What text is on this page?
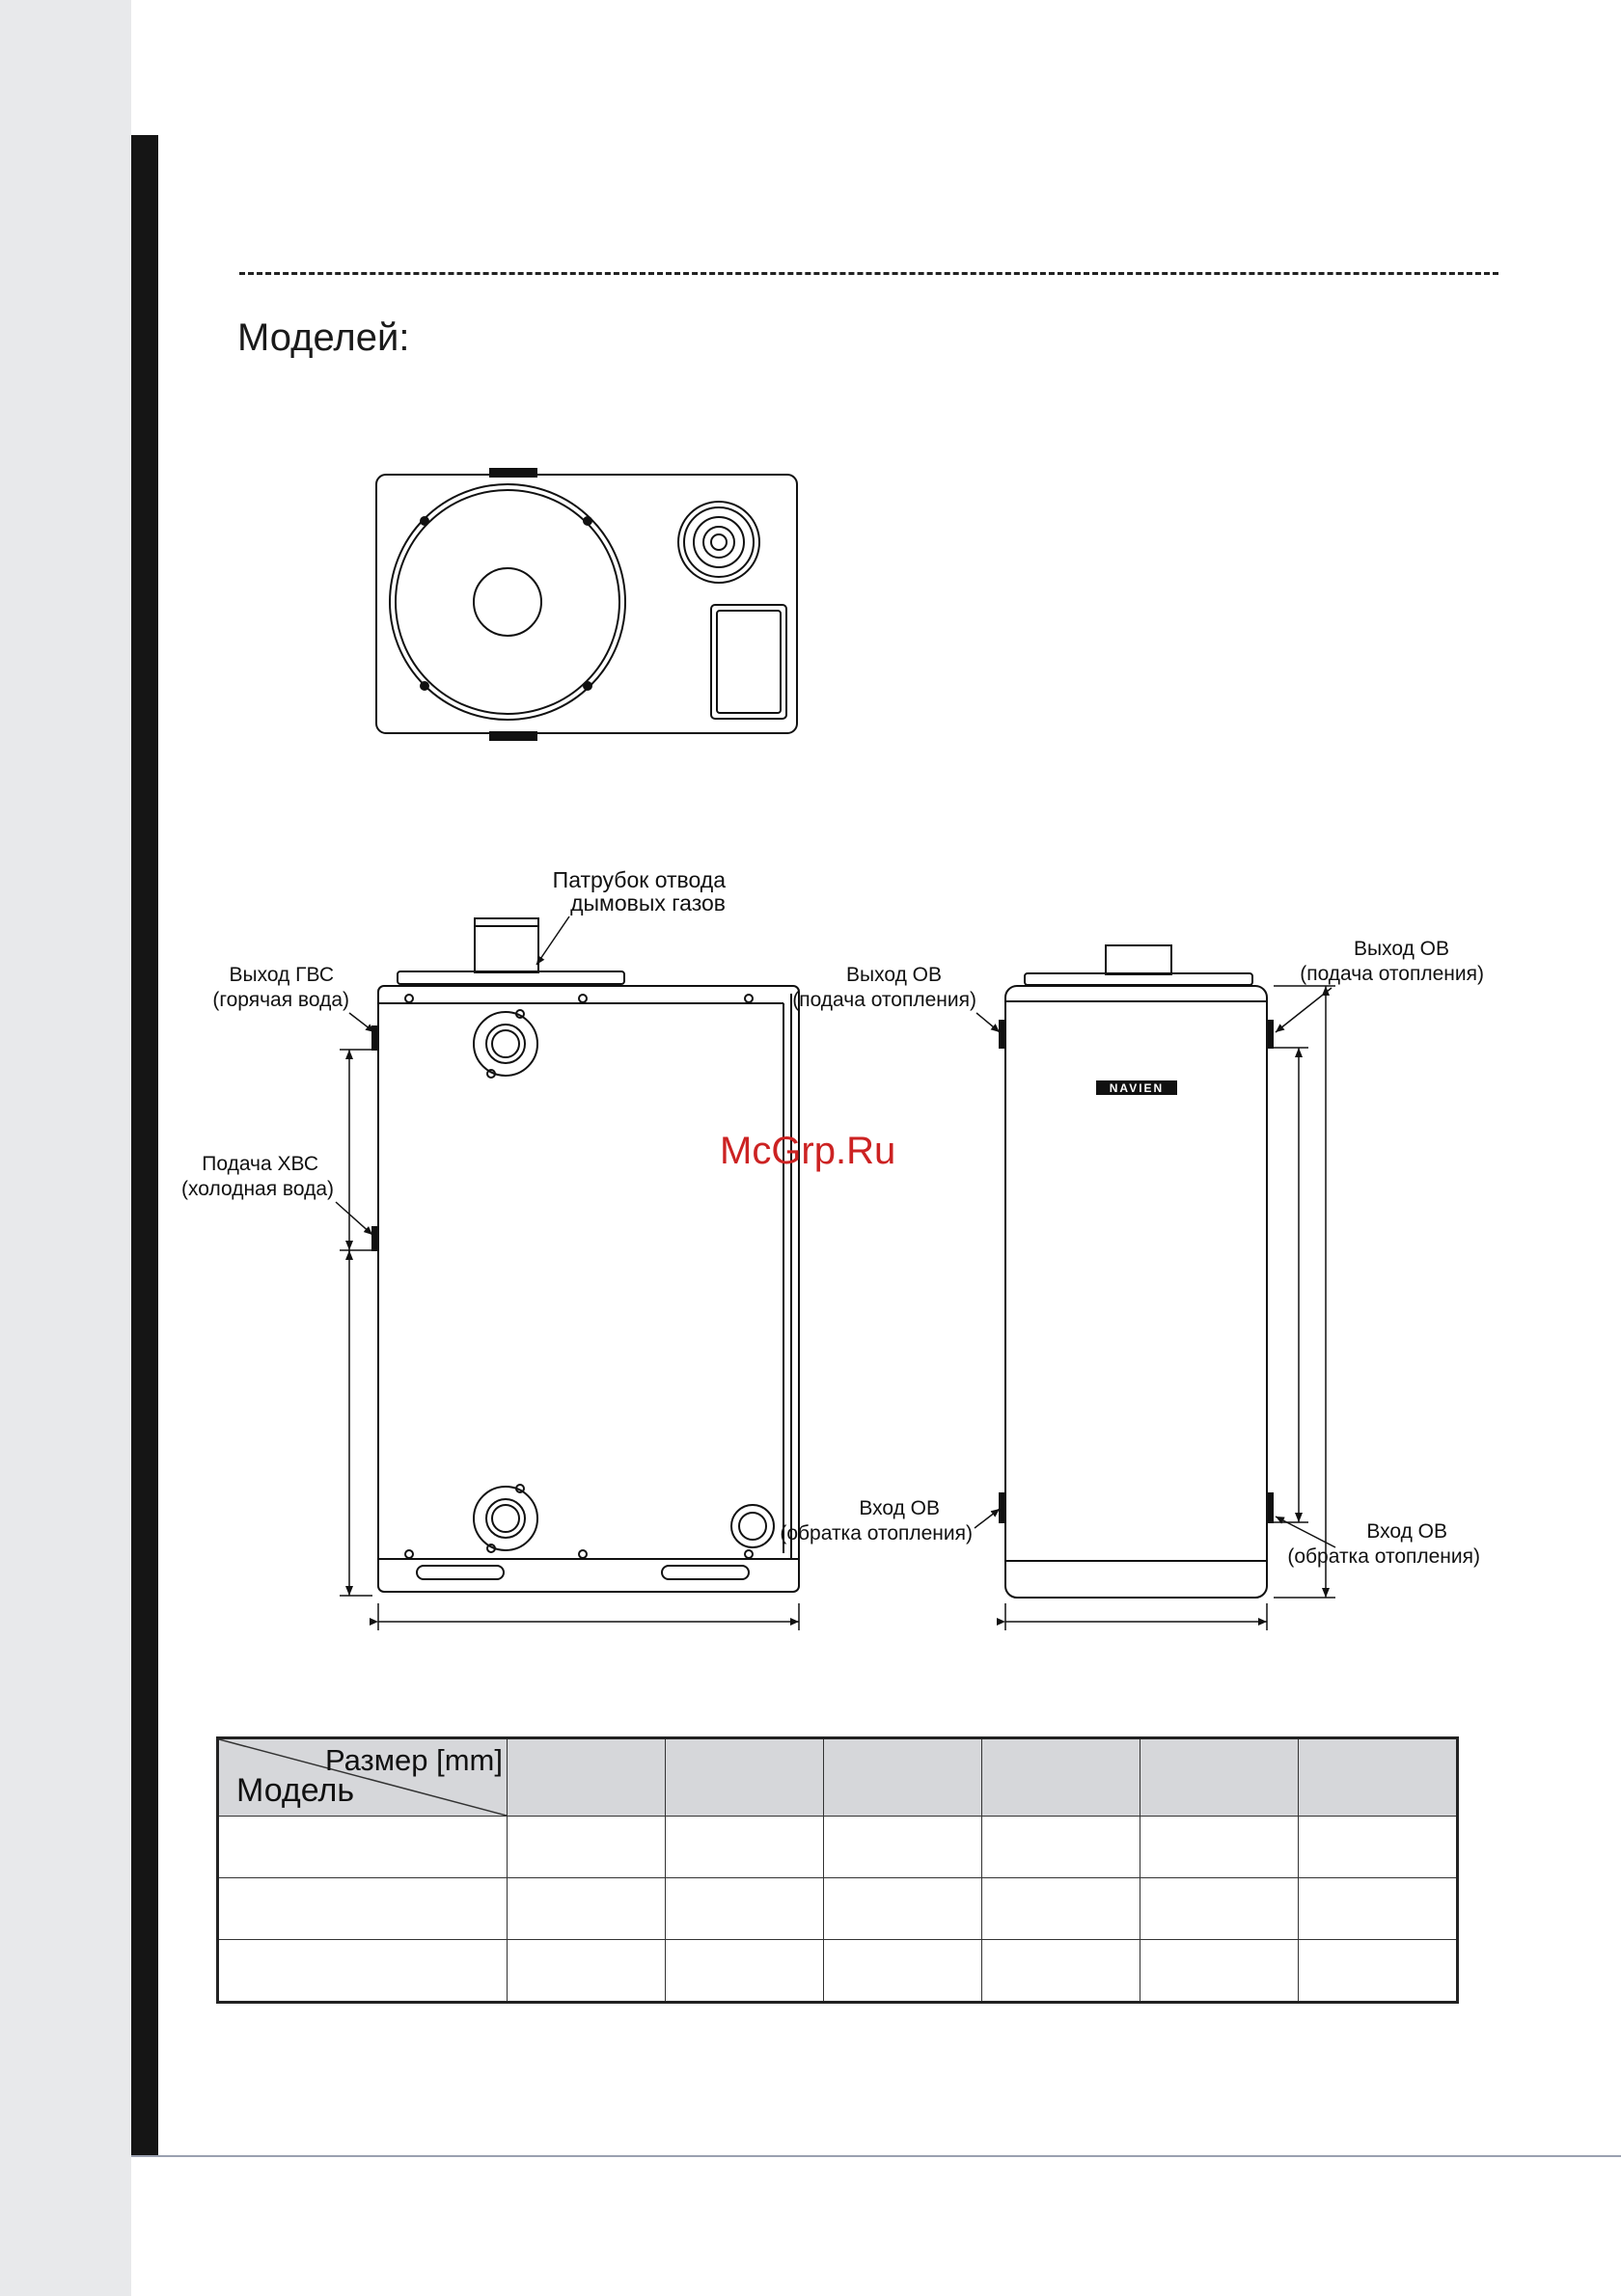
Моделей:
Патрубок отвода
дымовых газов
Выход ГВС
(горячая вода)
Подача ХВС
(холодная вода)
NAVIEN
Выход ОВ
(подача отопления)
Вход ОВ
(обратка отопления)
Выход ОВ
(подача отопления)
Вход ОВ
(обратка отопления)
McGrp.Ru
Размер [mm]
Модель						
